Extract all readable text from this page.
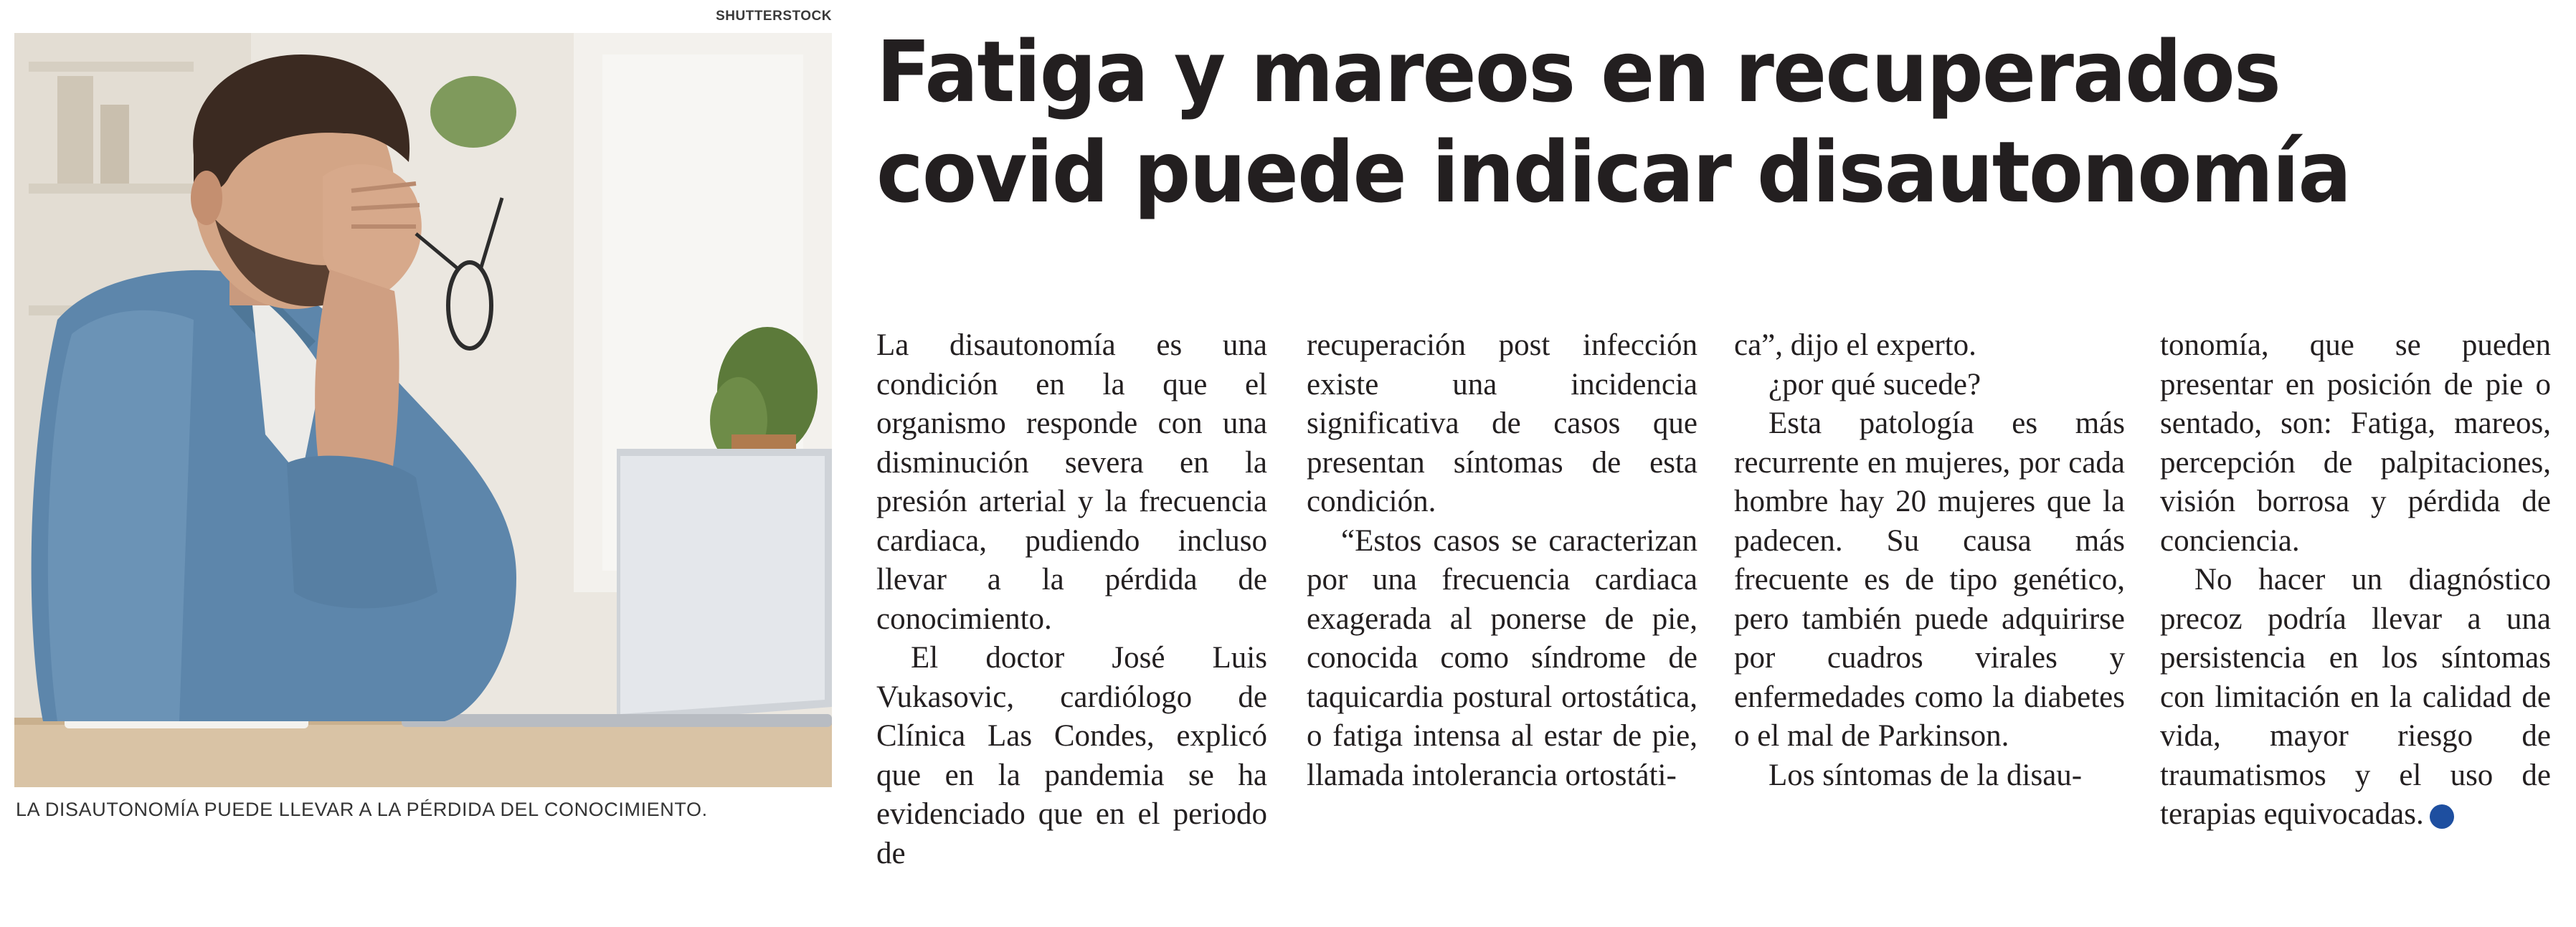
SHUTTERSTOCK
LA DISAUTONOMÍA PUEDE LLEVAR A LA PÉRDIDA DEL CONOCIMIENTO.
Fatiga y mareos en recuperados
covid puede indicar disautonomía

La disautonomía es una condición en la que el organismo responde con una disminución severa en la presión arterial y la frecuencia cardiaca, pudiendo incluso llevar a la pérdida de conocimiento.

El doctor José Luis Vukasovic, cardiólogo de Clínica Las Condes, explicó que en la pandemia se ha evidenciado que en el periodo de

recuperación post infección existe una incidencia significativa de casos que presentan síntomas de esta condición.

“Estos casos se caracterizan por una frecuencia cardiaca exagerada al ponerse de pie, conocida como síndrome de taquicardia postural ortostática, o fatiga intensa al estar de pie, llamada intolerancia ortostáti-

ca”, dijo el experto.

¿por qué sucede?

Esta patología es más recurrente en mujeres, por cada hombre hay 20 mujeres que la padecen. Su causa más frecuente es de tipo genético, pero también puede adquirirse por cuadros virales y enfermedades como la diabetes o el mal de Parkinson.

Los síntomas de la disau-

tonomía, que se pueden presentar en posición de pie o sentado, son: Fatiga, mareos, percepción de palpitaciones, visión borrosa y pérdida de conciencia.

No hacer un diagnóstico precoz podría llevar a una persistencia en los síntomas con limitación en la calidad de vida, mayor riesgo de traumatismos y el uso de terapias equivocadas. ✪
